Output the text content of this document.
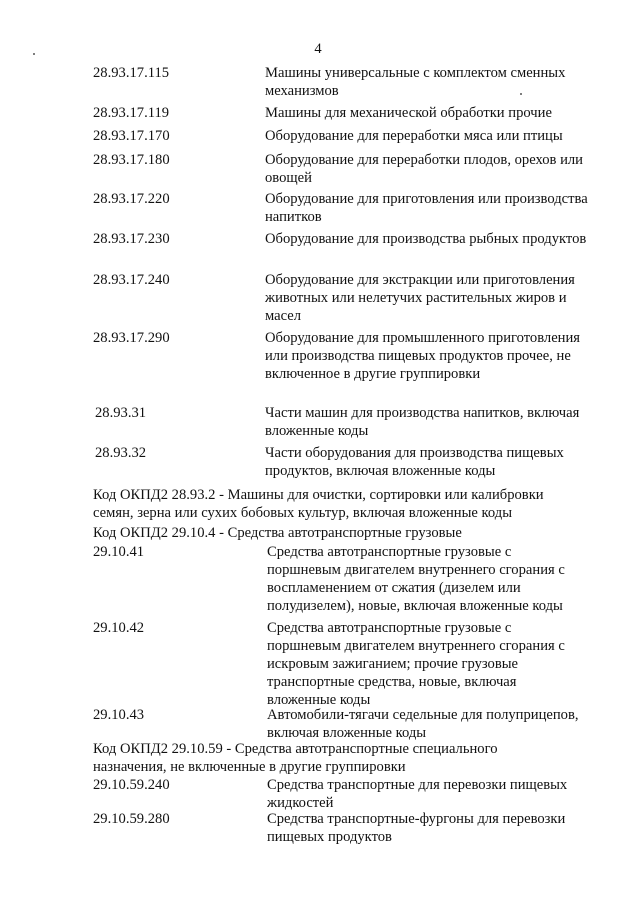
4
28.93.17.115	Машины универсальные с комплектом сменных механизмов
28.93.17.119	Машины для механической обработки прочие
28.93.17.170	Оборудование для переработки мяса или птицы
28.93.17.180	Оборудование для переработки плодов, орехов или овощей
28.93.17.220	Оборудование для приготовления или производства напитков
28.93.17.230	Оборудование для производства рыбных продуктов
28.93.17.240	Оборудование для экстракции или приготовления животных или нелетучих растительных жиров и масел
28.93.17.290	Оборудование для промышленного приготовления или производства пищевых продуктов прочее, не включенное в другие группировки
28.93.31	Части машин для производства напитков, включая вложенные коды
28.93.32	Части оборудования для производства пищевых продуктов, включая вложенные коды
Код ОКПД2 28.93.2 - Машины для очистки, сортировки или калибровки семян, зерна или сухих бобовых культур, включая вложенные коды
Код ОКПД2 29.10.4 - Средства автотранспортные грузовые
29.10.41	Средства автотранспортные грузовые с поршневым двигателем внутреннего сгорания с воспламенением от сжатия (дизелем или полудизелем), новые, включая вложенные коды
29.10.42	Средства автотранспортные грузовые с поршневым двигателем внутреннего сгорания с искровым зажиганием; прочие грузовые транспортные средства, новые, включая вложенные коды
29.10.43	Автомобили-тягачи седельные для полуприцепов, включая вложенные коды
Код ОКПД2 29.10.59 - Средства автотранспортные специального назначения, не включенные в другие группировки
29.10.59.240	Средства транспортные для перевозки пищевых жидкостей
29.10.59.280	Средства транспортные-фургоны для перевозки пищевых продуктов
